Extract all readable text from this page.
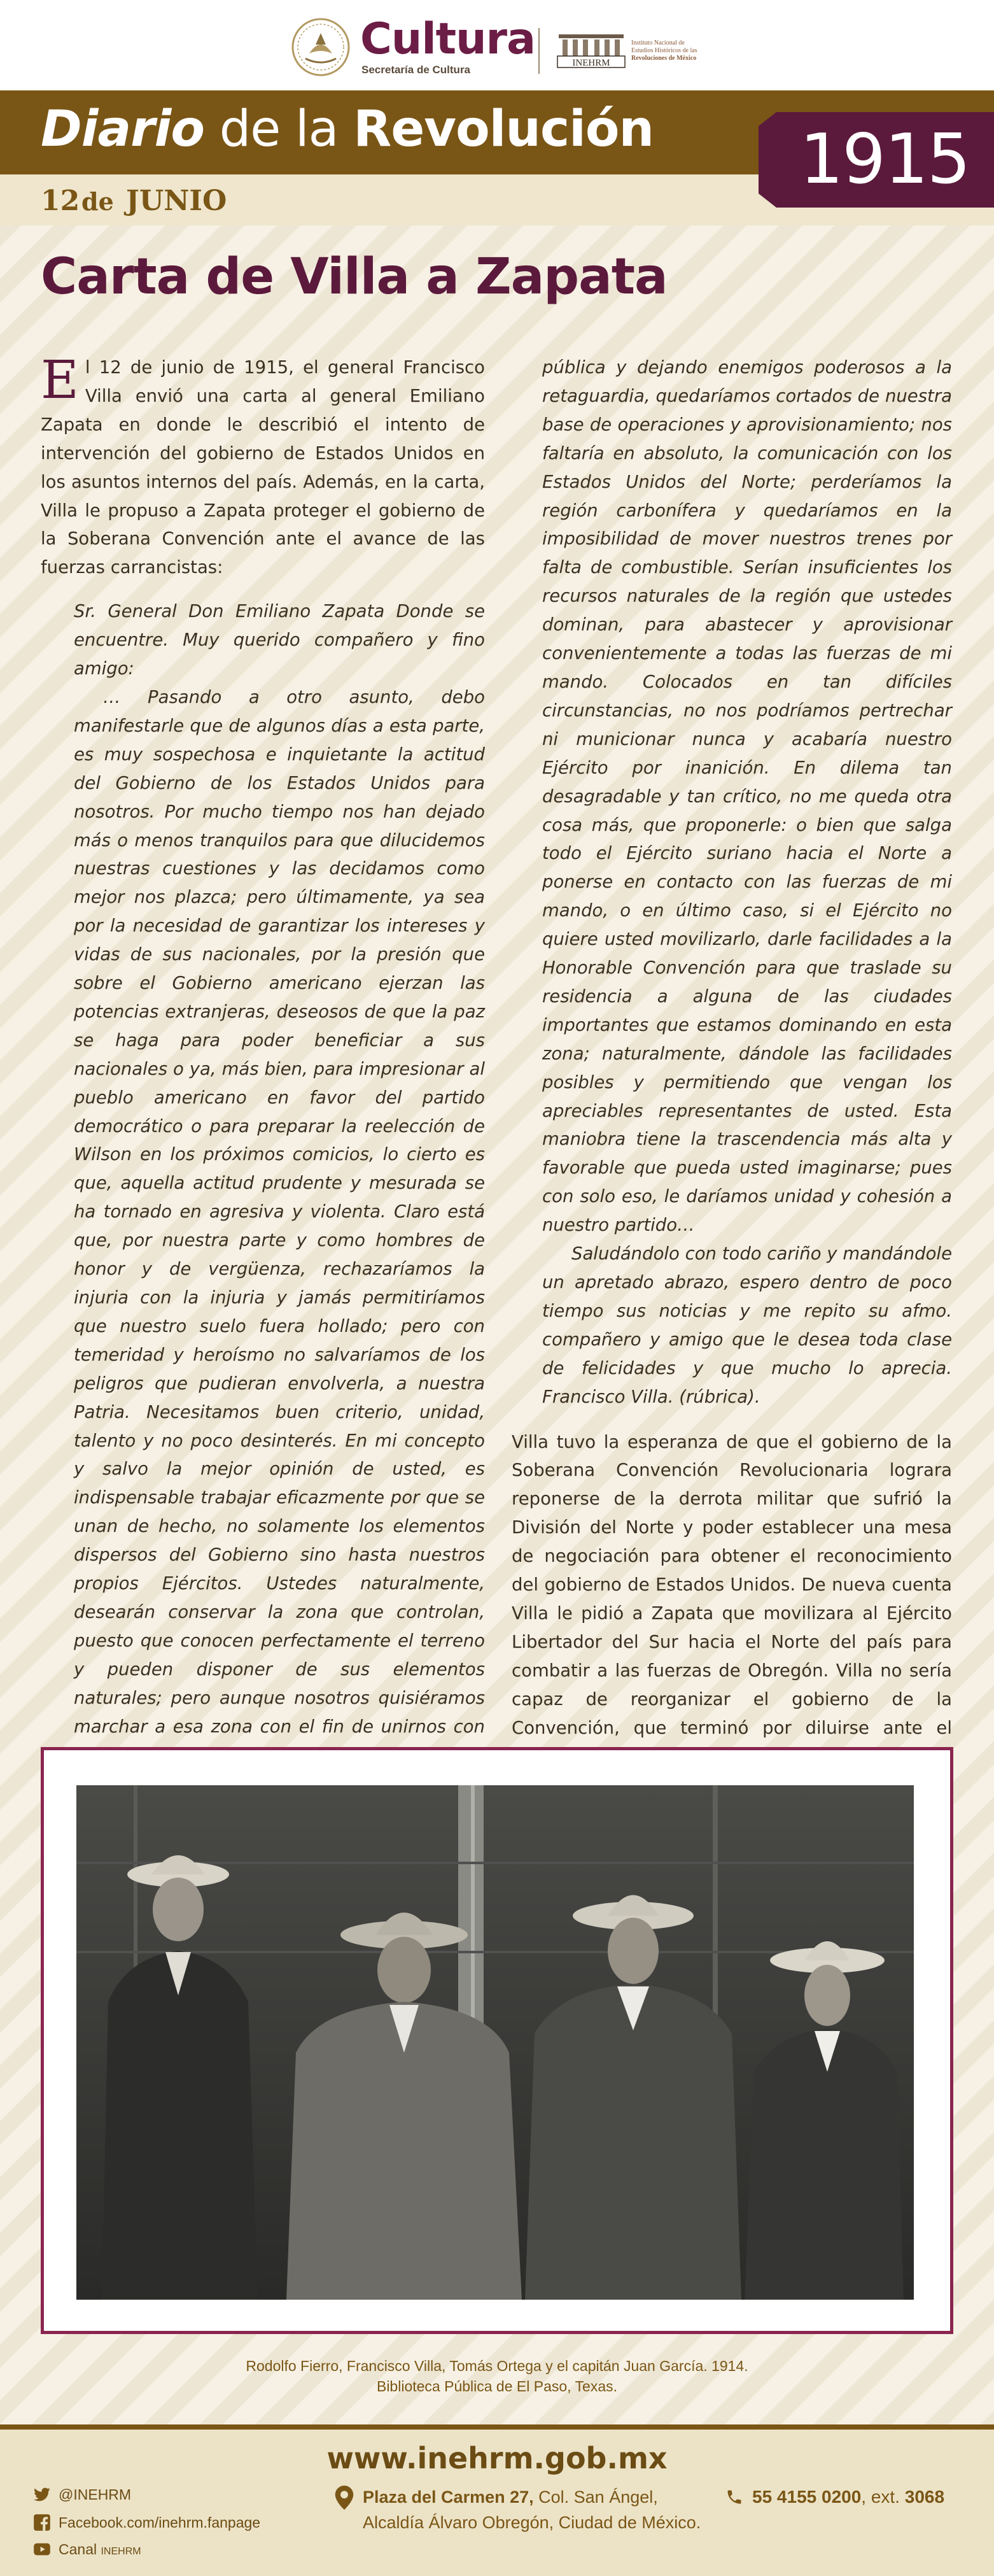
Cultura
Secretaría de Cultura
INEHRM
Instituto Nacional de
Estudios Históricos de las
Revoluciones de México
Diario de la Revolución
12 de JUNIO
1915
Carta de Villa a Zapata

El 12 de junio de 1915, el general Francisco Villa envió una carta al general Emiliano Zapata en donde le describió el intento de intervención del gobierno de Estados Unidos en los asuntos internos del país. Además, en la carta, Villa le propuso a Zapata proteger el gobierno de la Soberana Convención ante el avance de las fuerzas carrancistas:

Sr. General Don Emiliano Zapata Donde se encuentre. Muy querido compañero y fino amigo:

… Pasando a otro asunto, debo manifestarle que de algunos días a esta parte, es muy sospechosa e inquietante la actitud del Gobierno de los Estados Unidos para nosotros. Por mucho tiempo nos han dejado más o menos tranquilos para que dilucidemos nuestras cuestiones y las decidamos como mejor nos plazca; pero últimamente, ya sea por la necesidad de garantizar los intereses y vidas de sus nacionales, por la presión que sobre el Gobierno americano ejerzan las potencias extranjeras, deseosos de que la paz se haga para poder beneficiar a sus nacionales o ya, más bien, para impresionar al pueblo americano en favor del partido democrático o para preparar la reelección de Wilson en los próximos comicios, lo cierto es que, aquella actitud prudente y mesurada se ha tornado en agresiva y violenta. Claro está que, por nuestra parte y como hombres de honor y de vergüenza, rechazaríamos la injuria con la injuria y jamás permitiríamos que nuestro suelo fuera hollado; pero con temeridad y heroísmo no salvaríamos de los peligros que pudieran envolverla, a nuestra Patria. Necesitamos buen criterio, unidad, talento y no poco desinterés. En mi concepto y salvo la mejor opinión de usted, es indispensable trabajar eficazmente por que se unan de hecho, no solamente los elementos dispersos del Gobierno sino hasta nuestros propios Ejércitos. Ustedes naturalmente, desearán conservar la zona que controlan, puesto que conocen perfectamente el terreno y pueden disponer de sus elementos naturales; pero aunque nosotros quisiéramos marchar a esa zona con el fin de unirnos con

pública y dejando enemigos poderosos a la retaguardia, quedaríamos cortados de nuestra base de operaciones y aprovisionamiento; nos faltaría en absoluto, la comunicación con los Estados Unidos del Norte; perderíamos la región carbonífera y quedaríamos en la imposibilidad de mover nuestros trenes por falta de combustible. Serían insuficientes los recursos naturales de la región que ustedes dominan, para abastecer y aprovisionar convenientemente a todas las fuerzas de mi mando. Colocados en tan difíciles circunstancias, no nos podríamos pertrechar ni municionar nunca y acabaría nuestro Ejército por inanición. En dilema tan desagradable y tan crítico, no me queda otra cosa más, que proponerle: o bien que salga todo el Ejército suriano hacia el Norte a ponerse en contacto con las fuerzas de mi mando, o en último caso, si el Ejército no quiere usted movilizarlo, darle facilidades a la Honorable Convención para que traslade su residencia a alguna de las ciudades importantes que estamos dominando en esta zona; naturalmente, dándole las facilidades posibles y permitiendo que vengan los apreciables representantes de usted. Esta maniobra tiene la trascendencia más alta y favorable que pueda usted imaginarse; pues con solo eso, le daríamos unidad y cohesión a nuestro partido…

Saludándolo con todo cariño y mandándole un apretado abrazo, espero dentro de poco tiempo sus noticias y me repito su afmo. compañero y amigo que le desea toda clase de felicidades y que mucho lo aprecia. Francisco Villa. (rúbrica).

Villa tuvo la esperanza de que el gobierno de la Soberana Convención Revolucionaria lograra reponerse de la derrota militar que sufrió la División del Norte y poder establecer una mesa de negociación para obtener el reconocimiento del gobierno de Estados Unidos. De nueva cuenta Villa le pidió a Zapata que movilizara al Ejército Libertador del Sur hacia el Norte del país para combatir a las fuerzas de Obregón. Villa no sería capaz de reorganizar el gobierno de la Convención, que terminó por diluirse ante el

Rodolfo Fierro, Francisco Villa, Tomás Ortega y el capitán Juan García. 1914.
Biblioteca Pública de El Paso, Texas.
www.inehrm.gob.mx
@INEHRM
Facebook.com/inehrm.fanpage
Canal INEHRM
Plaza del Carmen 27, Col. San Ángel,
Alcaldía Álvaro Obregón, Ciudad de México.
55 4155 0200, ext. 3068
